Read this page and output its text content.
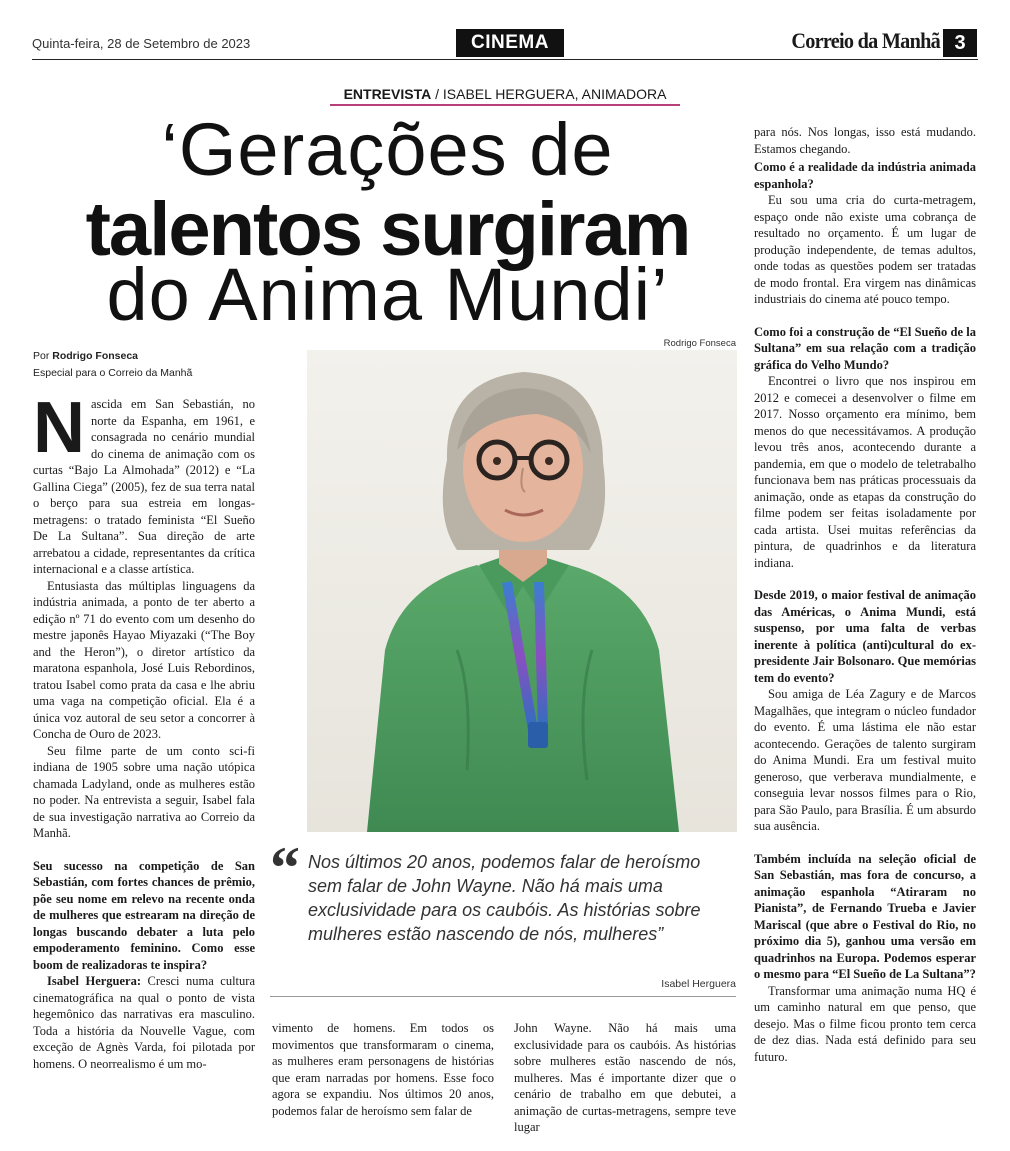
Quinta-feira, 28 de Setembro de 2023	CINEMA	Correio da Manhã 3
ENTREVISTA / ISABEL HERGUERA, ANIMADORA
‘Gerações de
talentos surgiram
do Anima Mundi’
Por Rodrigo Fonseca
Especial para o Correio da Manhã
Rodrigo Fonseca

Nascida em San Sebastián, no norte da Espanha, em 1961, e consagrada no cenário mundial do cinema de animação com os curtas “Bajo La Almohada” (2012) e “La Gallina Ciega” (2005), fez de sua terra natal o berço para sua estreia em longas-metragens: o tratado feminista “El Sueño De La Sultana”. Sua direção de arte arrebatou a cidade, representantes da crítica internacional e a classe artística.

Entusiasta das múltiplas linguagens da indústria animada, a ponto de ter aberto a edição nº 71 do evento com um desenho do mestre japonês Hayao Miyazaki (“The Boy and the Heron”), o diretor artístico da maratona espanhola, José Luis Rebordinos, tratou Isabel como prata da casa e lhe abriu uma vaga na competição oficial. Ela é a única voz autoral de seu setor a concorrer à Concha de Ouro de 2023.

Seu filme parte de um conto sci-fi indiana de 1905 sobre uma nação utópica chamada Ladyland, onde as mulheres estão no poder. Na entrevista a seguir, Isabel fala de sua investigação narrativa ao Correio da Manhã.

Seu sucesso na competição de San Sebastián, com fortes chances de prêmio, põe seu nome em relevo na recente onda de mulheres que estrearam na direção de longas buscando debater a luta pelo empoderamento feminino. Como esse boom de realizadoras te inspira?

Isabel Herguera: Cresci numa cultura cinematográfica na qual o ponto de vista hegemônico das narrativas era masculino. Toda a história da Nouvelle Vague, com exceção de Agnès Varda, foi pilotada por homens. O neorrealismo é um mo-

“ Nos últimos 20 anos, podemos falar de heroísmo sem falar de John Wayne. Não há mais uma exclusividade para os caubóis. As histórias sobre mulheres estão nascendo de nós, mulheres”
Isabel Herguera

vimento de homens. Em todos os movimentos que transformaram o cinema, as mulheres eram personagens de histórias que eram narradas por homens. Esse foco agora se expandiu. Nos últimos 20 anos, podemos falar de heroísmo sem falar de

John Wayne. Não há mais uma exclusividade para os caubóis. As histórias sobre mulheres estão nascendo de nós, mulheres. Mas é importante dizer que o cenário de trabalho em que debutei, a animação de curtas-metragens, sempre teve lugar

para nós. Nos longas, isso está mudando. Estamos chegando.

Como é a realidade da indústria animada espanhola?

Eu sou uma cria do curta-metragem, espaço onde não existe uma cobrança de resultado no orçamento. É um lugar de produção independente, de temas adultos, onde todas as questões podem ser tratadas de modo frontal. Era virgem nas dinâmicas industriais do cinema até pouco tempo.

Como foi a construção de “El Sueño de la Sultana” em sua relação com a tradição gráfica do Velho Mundo?

Encontrei o livro que nos inspirou em 2012 e comecei a desenvolver o filme em 2017. Nosso orçamento era mínimo, bem menos do que necessitávamos. A produção levou três anos, acontecendo durante a pandemia, em que o modelo de teletrabalho funcionava bem nas práticas processuais da animação, onde as etapas da construção do filme podem ser feitas isoladamente por cada artista. Usei muitas referências da pintura, de quadrinhos e da literatura indiana.

Desde 2019, o maior festival de animação das Américas, o Anima Mundi, está suspenso, por uma falta de verbas inerente à política (anti)cultural do ex-presidente Jair Bolsonaro. Que memórias tem do evento?

Sou amiga de Léa Zagury e de Marcos Magalhães, que integram o núcleo fundador do evento. É uma lástima ele não estar acontecendo. Gerações de talento surgiram do Anima Mundi. Era um festival muito generoso, que verberava mundialmente, e conseguia levar nossos filmes para o Rio, para São Paulo, para Brasília. É um absurdo sua ausência.

Também incluída na seleção oficial de San Sebastián, mas fora de concurso, a animação espanhola “Atiraram no Pianista”, de Fernando Trueba e Javier Mariscal (que abre o Festival do Rio, no próximo dia 5), ganhou uma versão em quadrinhos na Europa. Podemos esperar o mesmo para “El Sueño de La Sultana”?

Transformar uma animação numa HQ é um caminho natural em que penso, que desejo. Mas o filme ficou pronto tem cerca de dez dias. Nada está definido para seu futuro.
